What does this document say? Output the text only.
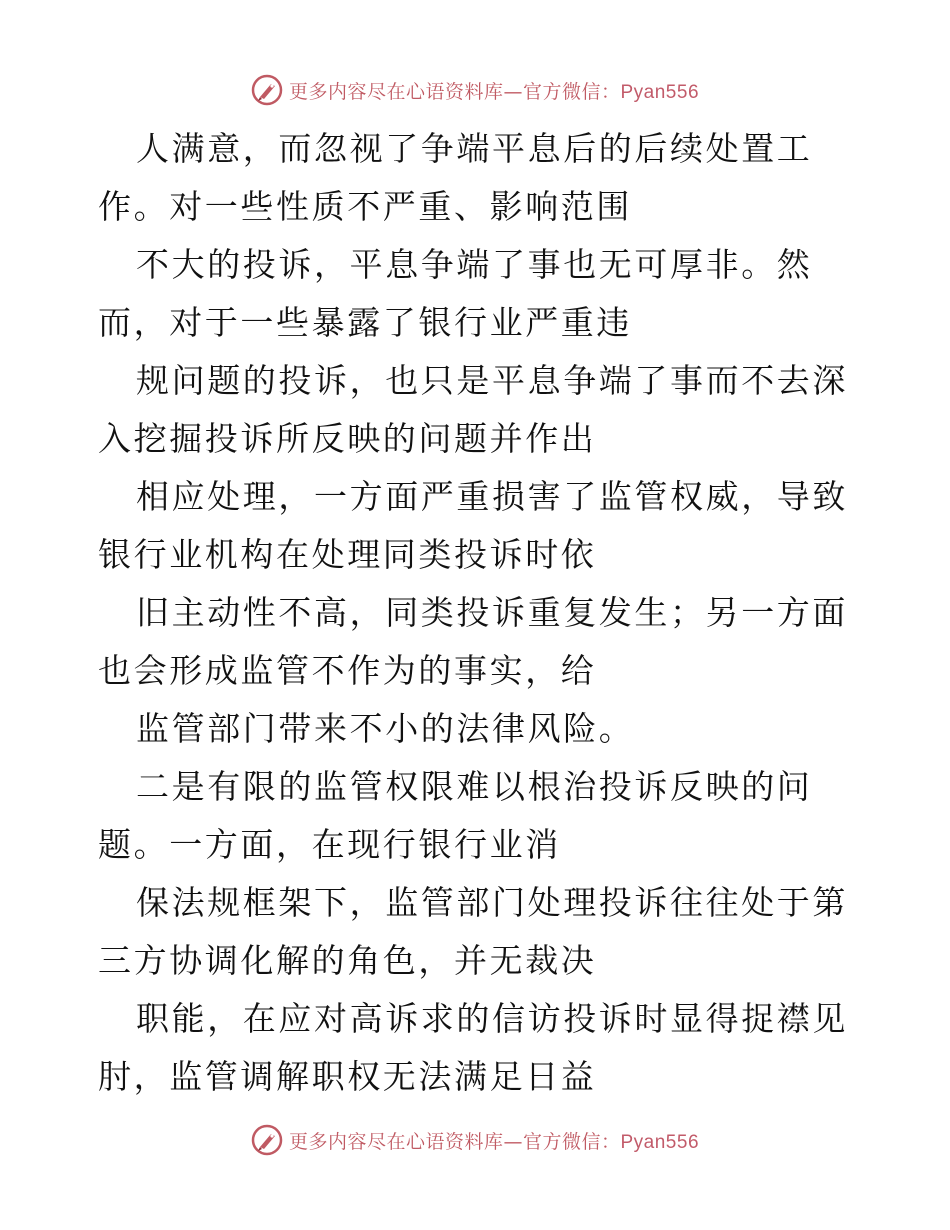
更多内容尽在心语资料库—官方微信：Pyan556

人满意，而忽视了争端平息后的后续处置工作。对一些性质不严重、影响范围

不大的投诉，平息争端了事也无可厚非。然而，对于一些暴露了银行业严重违

规问题的投诉，也只是平息争端了事而不去深入挖掘投诉所反映的问题并作出

相应处理，一方面严重损害了监管权威，导致银行业机构在处理同类投诉时依

旧主动性不高，同类投诉重复发生；另一方面也会形成监管不作为的事实，给

监管部门带来不小的法律风险。

二是有限的监管权限难以根治投诉反映的问题。一方面，在现行银行业消

保法规框架下，监管部门处理投诉往往处于第三方协调化解的角色，并无裁决

职能，在应对高诉求的信访投诉时显得捉襟见肘，监管调解职权无法满足日益

更多内容尽在心语资料库—官方微信：Pyan556
